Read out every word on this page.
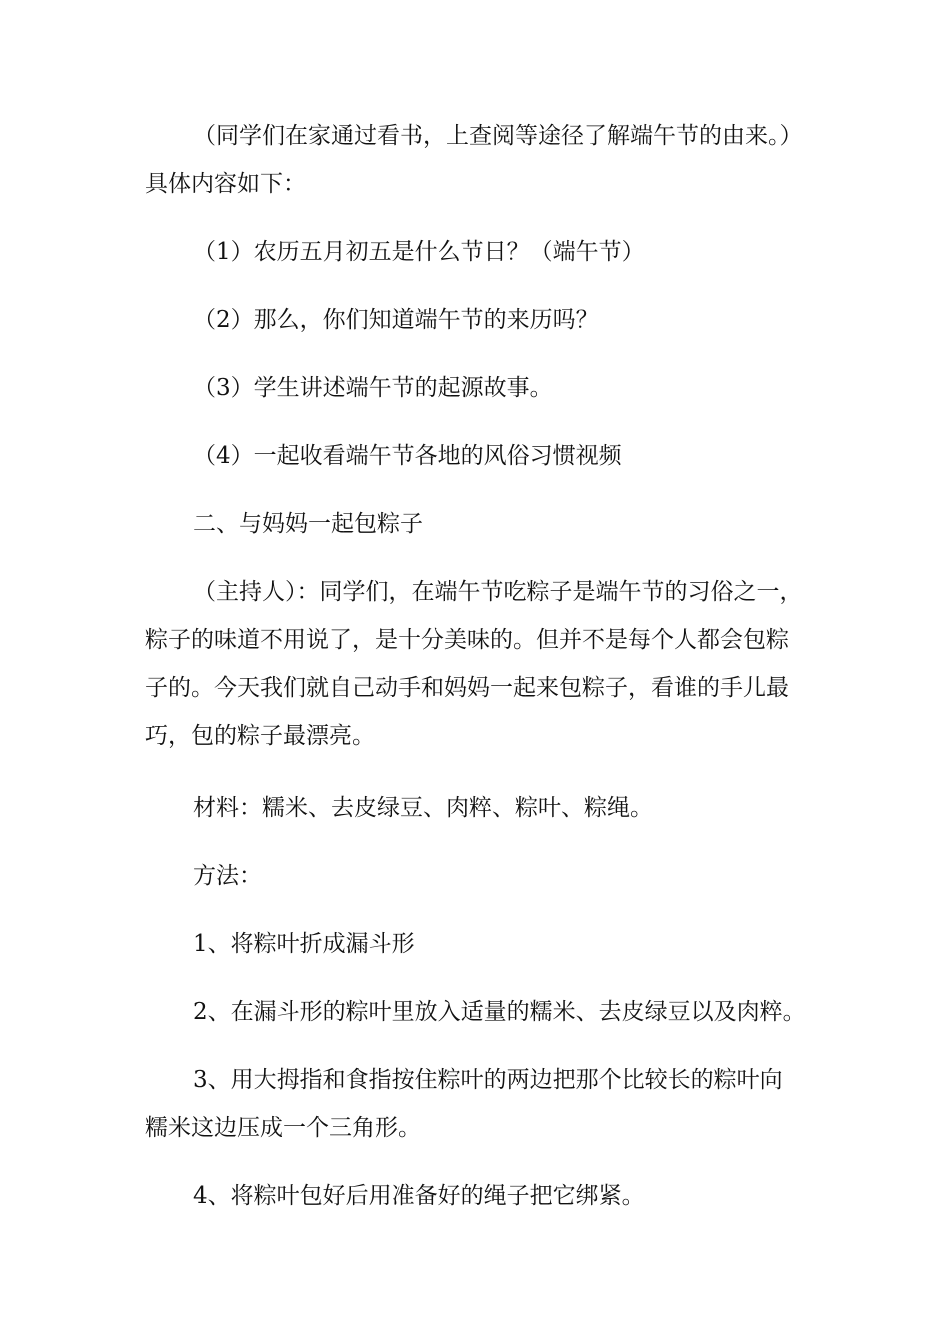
（同学们在家通过看书，上查阅等途径了解端午节的由来。）
具体内容如下：

（1）农历五月初五是什么节日？（端午节）

（2）那么，你们知道端午节的来历吗？

（3）学生讲述端午节的起源故事。

（4）一起收看端午节各地的风俗习惯视频

二、与妈妈一起包粽子

（主持人）：同学们，在端午节吃粽子是端午节的习俗之一，
粽子的味道不用说了，是十分美味的。但并不是每个人都会包粽
子的。今天我们就自己动手和妈妈一起来包粽子，看谁的手儿最
巧，包的粽子最漂亮。

材料：糯米、去皮绿豆、肉粹、粽叶、粽绳。

方法：

1、将粽叶折成漏斗形

2、在漏斗形的粽叶里放入适量的糯米、去皮绿豆以及肉粹。

3、用大拇指和食指按住粽叶的两边把那个比较长的粽叶向
糯米这边压成一个三角形。

4、将粽叶包好后用准备好的绳子把它绑紧。
